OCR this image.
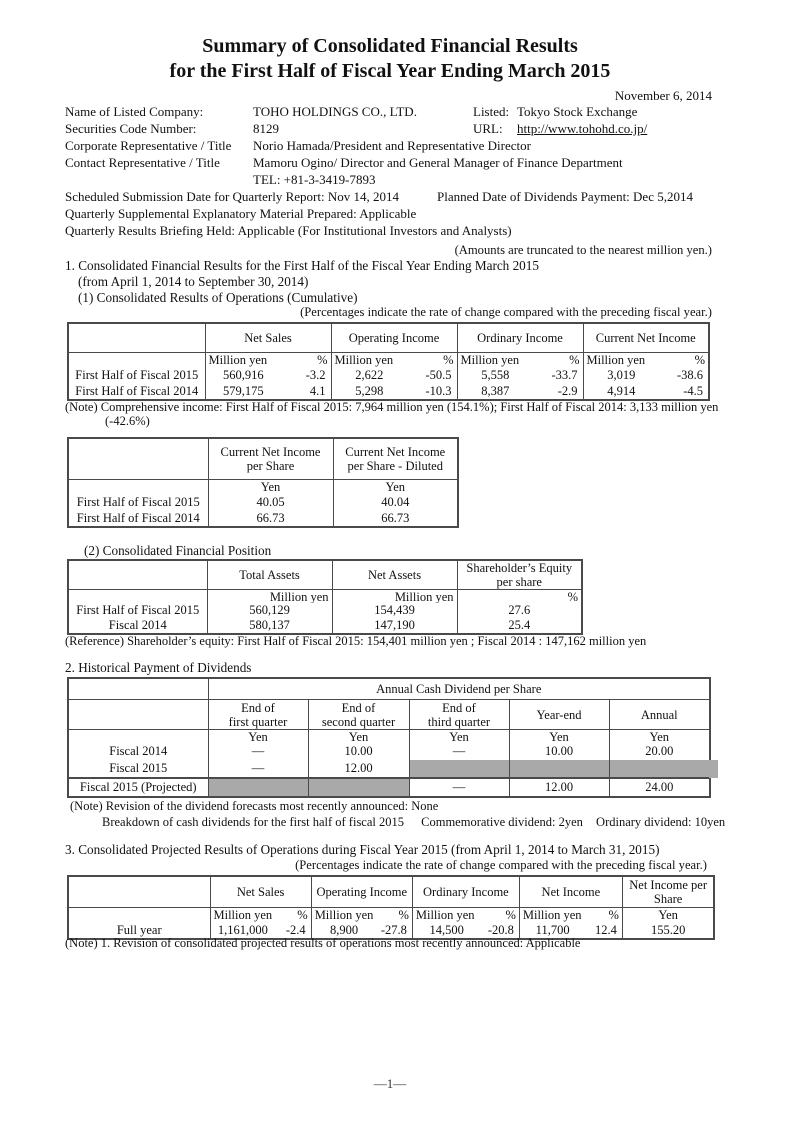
Summary of Consolidated Financial Results
for the First Half of Fiscal Year Ending March 2015
November 6, 2014
Name of Listed Company:	TOHO HOLDINGS CO., LTD.	Listed: Tokyo Stock Exchange
Securities Code Number:	8129	URL: http://www.tohohd.co.jp/
Corporate Representative / Title Norio Hamada/President and Representative Director
Contact Representative / Title	Mamoru Ogino/ Director and General Manager of Finance Department
TEL: +81-3-3419-7893
Scheduled Submission Date for Quarterly Report: Nov 14, 2014	Planned Date of Dividends Payment: Dec 5,2014
Quarterly Supplemental Explanatory Material Prepared: Applicable
Quarterly Results Briefing Held: Applicable (For Institutional Investors and Analysts)
(Amounts are truncated to the nearest million yen.)
1. Consolidated Financial Results for the First Half of the Fiscal Year Ending March 2015
(from April 1, 2014 to September 30, 2014)
(1) Consolidated Results of Operations (Cumulative)
(Percentages indicate the rate of change compared with the preceding fiscal year.)
	Net Sales		Operating Income		Ordinary Income		Current Net Income	
	Million yen	%	Million yen	%	Million yen	%	Million yen	%
First Half of Fiscal 2015	560,916	-3.2	2,622	-50.5	5,558	-33.7	3,019	-38.6
First Half of Fiscal 2014	579,175	4.1	5,298	-10.3	8,387	-2.9	4,914	-4.5
(Note) Comprehensive income: First Half of Fiscal 2015: 7,964 million yen (154.1%); First Half of Fiscal 2014: 3,133 million yen
(-42.6%)
	Current Net Income
per Share	Current Net Income
per Share - Diluted
	Yen	Yen
First Half of Fiscal 2015	40.05	40.04
First Half of Fiscal 2014	66.73	66.73
(2) Consolidated Financial Position
	Total Assets	Net Assets	Shareholder’s Equity
per share
	Million yen	Million yen	%
First Half of Fiscal 2015	560,129	154,439	27.6
Fiscal 2014	580,137	147,190	25.4
(Reference) Shareholder’s equity: First Half of Fiscal 2015: 154,401 million yen ; Fiscal 2014 : 147,162 million yen
2. Historical Payment of Dividends
	Annual Cash Dividend per Share				
	End of
first quarter	End of
second quarter	End of
third quarter	Year-end	Annual
	Yen	Yen	Yen	Yen	Yen
Fiscal 2014	—	10.00	—	10.00	20.00
Fiscal 2015	—	12.00			
Fiscal 2015 (Projected)			—	12.00	24.00
(Note) Revision of the dividend forecasts most recently announced: None
Breakdown of cash dividends for the first half of fiscal 2015 Commemorative dividend: 2yen Ordinary dividend: 10yen
3. Consolidated Projected Results of Operations during Fiscal Year 2015 (from April 1, 2014 to March 31, 2015)
(Percentages indicate the rate of change compared with the preceding fiscal year.)
	Net Sales		Operating Income		Ordinary Income		Net Income		Net Income per
Share
	Million yen	%	Million yen	%	Million yen	%	Million yen	%	Yen
Full year	1,161,000	-2.4	8,900	-27.8	14,500	-20.8	11,700	12.4	155.20
(Note) 1. Revision of consolidated projected results of operations most recently announced: Applicable
—1—
